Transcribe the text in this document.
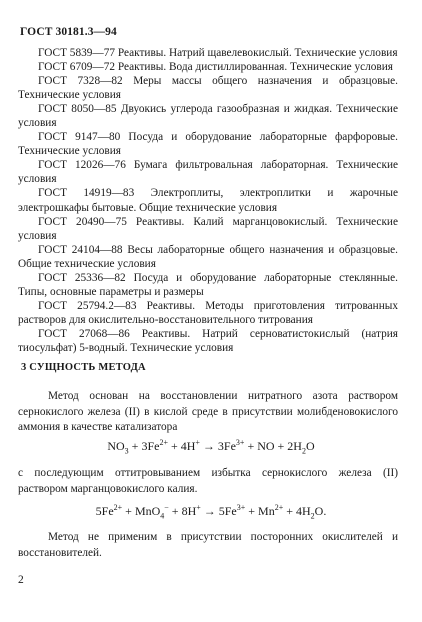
ГОСТ 30181.3—94

ГОСТ 5839—77 Реактивы. Натрий щавелевокислый. Технические условия

ГОСТ 6709—72 Реактивы. Вода дистиллированная. Технические условия

ГОСТ 7328—82 Меры массы общего назначения и образцовые. Технические условия

ГОСТ 8050—85 Двуокись углерода газообразная и жидкая. Технические условия

ГОСТ 9147—80 Посуда и оборудование лабораторные фарфоровые. Технические условия

ГОСТ 12026—76 Бумага фильтровальная лабораторная. Технические условия

ГОСТ 14919—83 Электроплиты, электроплитки и жарочные электрошкафы бытовые. Общие технические условия

ГОСТ 20490—75 Реактивы. Калий марганцовокислый. Технические условия

ГОСТ 24104—88 Весы лабораторные общего назначения и образцовые. Общие технические условия

ГОСТ 25336—82 Посуда и оборудование лабораторные стеклянные. Типы, основные параметры и размеры

ГОСТ 25794.2—83 Реактивы. Методы приготовления титрованных растворов для окислительно-восстановительного титрования

ГОСТ 27068—86 Реактивы. Натрий серноватистокислый (натрия тиосульфат) 5-водный. Технические условия

3 СУЩНОСТЬ МЕТОДА

Метод основан на восстановлении нитратного азота раствором сернокислого железа (II) в кислой среде в присутствии молибденовокислого аммония в качестве катализатора

$NO_3 + 3Fe^{2+} + 4H^+ \to 3Fe^{3+}$ + NO + $2H_2O$

с последующим оттитровыванием избытка сернокислого железа (II) раствором марганцовокислого калия.

$5Fe^{2+} + MnO_4^- + 8H^+ \to 5Fe^{3+} + Mn^{2+} + 4H_2O$.

Метод не применим в присутствии посторонних окислителей и восстановителей.

2
